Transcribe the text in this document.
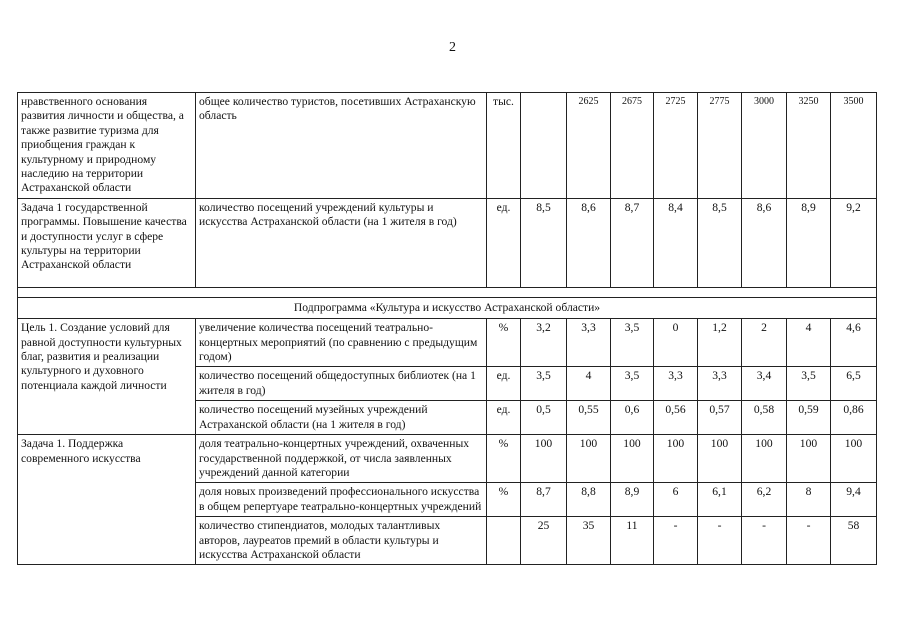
2
нравственного основания развития личности и общества, а также развитие туризма для приобщения граждан к культурному и природному наследию на территории Астраханской области	общее количество туристов, посетивших Астраханскую область	тыс.		2625	2675	2725	2775	3000	3250	3500
Задача 1 государственной программы. Повышение качества и доступности услуг в сфере культуры на территории Астраханской области	количество посещений учреждений культуры и искусства Астраханской области (на 1 жителя в год)	ед.	8,5	8,6	8,7	8,4	8,5	8,6	8,9	9,2

Подпрограмма «Культура и искусство Астраханской области»										
Цель 1. Создание условий для равной доступности культурных благ, развития и реализации культурного и духовного потенциала каждой личности	увеличение количества посещений театрально-концертных мероприятий (по сравнению с предыдущим годом)	%	3,2	3,3	3,5	0	1,2	2	4	4,6
	количество посещений общедоступных библиотек (на 1 жителя в год)	ед.	3,5	4	3,5	3,3	3,3	3,4	3,5	6,5
	количество посещений музейных учреждений Астраханской области (на 1 жителя в год)	ед.	0,5	0,55	0,6	0,56	0,57	0,58	0,59	0,86
Задача 1. Поддержка современного искусства	доля театрально-концертных учреждений, охваченных государственной поддержкой, от числа заявленных учреждений данной категории	%	100	100	100	100	100	100	100	100
	доля новых произведений профессионального искусства в общем репертуаре театрально-концертных учреждений	%	8,7	8,8	8,9	6	6,1	6,2	8	9,4
	количество стипендиатов, молодых талантливых авторов, лауреатов премий в области культуры и искусства Астраханской области		25	35	11	-	-	-	-	58
